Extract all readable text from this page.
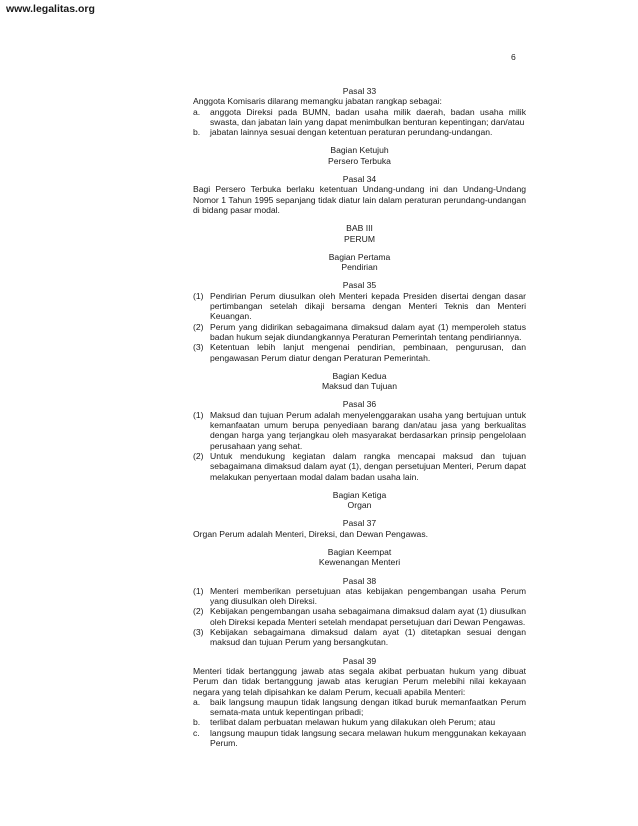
www.legalitas.org
6
Pasal 33
Anggota Komisaris dilarang memangku jabatan rangkap sebagai:
a.	anggota Direksi pada BUMN, badan usaha milik daerah, badan usaha milik swasta, dan jabatan lain yang dapat menimbulkan benturan kepentingan; dan/atau
b.	jabatan lainnya sesuai dengan ketentuan peraturan perundang-undangan.
Bagian Ketujuh
Persero Terbuka
Pasal 34
Bagi Persero Terbuka berlaku ketentuan Undang-undang ini dan Undang-Undang Nomor 1 Tahun 1995 sepanjang tidak diatur lain dalam peraturan perundang-undangan di bidang pasar modal.
BAB III
PERUM
Bagian Pertama
Pendirian
Pasal 35
(1) Pendirian Perum diusulkan oleh Menteri kepada Presiden disertai dengan dasar pertimbangan setelah dikaji bersama dengan Menteri Teknis dan Menteri Keuangan.
(2) Perum yang didirikan sebagaimana dimaksud dalam ayat (1) memperoleh status badan hukum sejak diundangkannya Peraturan Pemerintah tentang pendiriannya.
(3) Ketentuan lebih lanjut mengenai pendirian, pembinaan, pengurusan, dan pengawasan Perum diatur dengan Peraturan Pemerintah.
Bagian Kedua
Maksud dan Tujuan
Pasal 36
(1) Maksud dan tujuan Perum adalah menyelenggarakan usaha yang bertujuan untuk kemanfaatan umum berupa penyediaan barang dan/atau jasa yang berkualitas dengan harga yang terjangkau oleh masyarakat berdasarkan prinsip pengelolaan perusahaan yang sehat.
(2) Untuk mendukung kegiatan dalam rangka mencapai maksud dan tujuan sebagaimana dimaksud dalam ayat (1), dengan persetujuan Menteri, Perum dapat melakukan penyertaan modal dalam badan usaha lain.
Bagian Ketiga
Organ
Pasal 37
Organ Perum adalah Menteri, Direksi, dan Dewan Pengawas.
Bagian Keempat
Kewenangan Menteri
Pasal 38
(1) Menteri memberikan persetujuan atas kebijakan pengembangan usaha Perum yang diusulkan oleh Direksi.
(2) Kebijakan pengembangan usaha sebagaimana dimaksud dalam ayat (1) diusulkan oleh Direksi kepada Menteri setelah mendapat persetujuan dari Dewan Pengawas.
(3) Kebijakan sebagaimana dimaksud dalam ayat (1) ditetapkan sesuai dengan maksud dan tujuan Perum yang bersangkutan.
Pasal 39
Menteri tidak bertanggung jawab atas segala akibat perbuatan hukum yang dibuat Perum dan tidak bertanggung jawab atas kerugian Perum melebihi nilai kekayaan negara yang telah dipisahkan ke dalam Perum, kecuali apabila Menteri:
a.	baik langsung maupun tidak langsung dengan itikad buruk memanfaatkan Perum semata-mata untuk kepentingan pribadi;
b.	terlibat dalam perbuatan melawan hukum yang dilakukan oleh Perum; atau
c.	langsung maupun tidak langsung secara melawan hukum menggunakan kekayaan Perum.
